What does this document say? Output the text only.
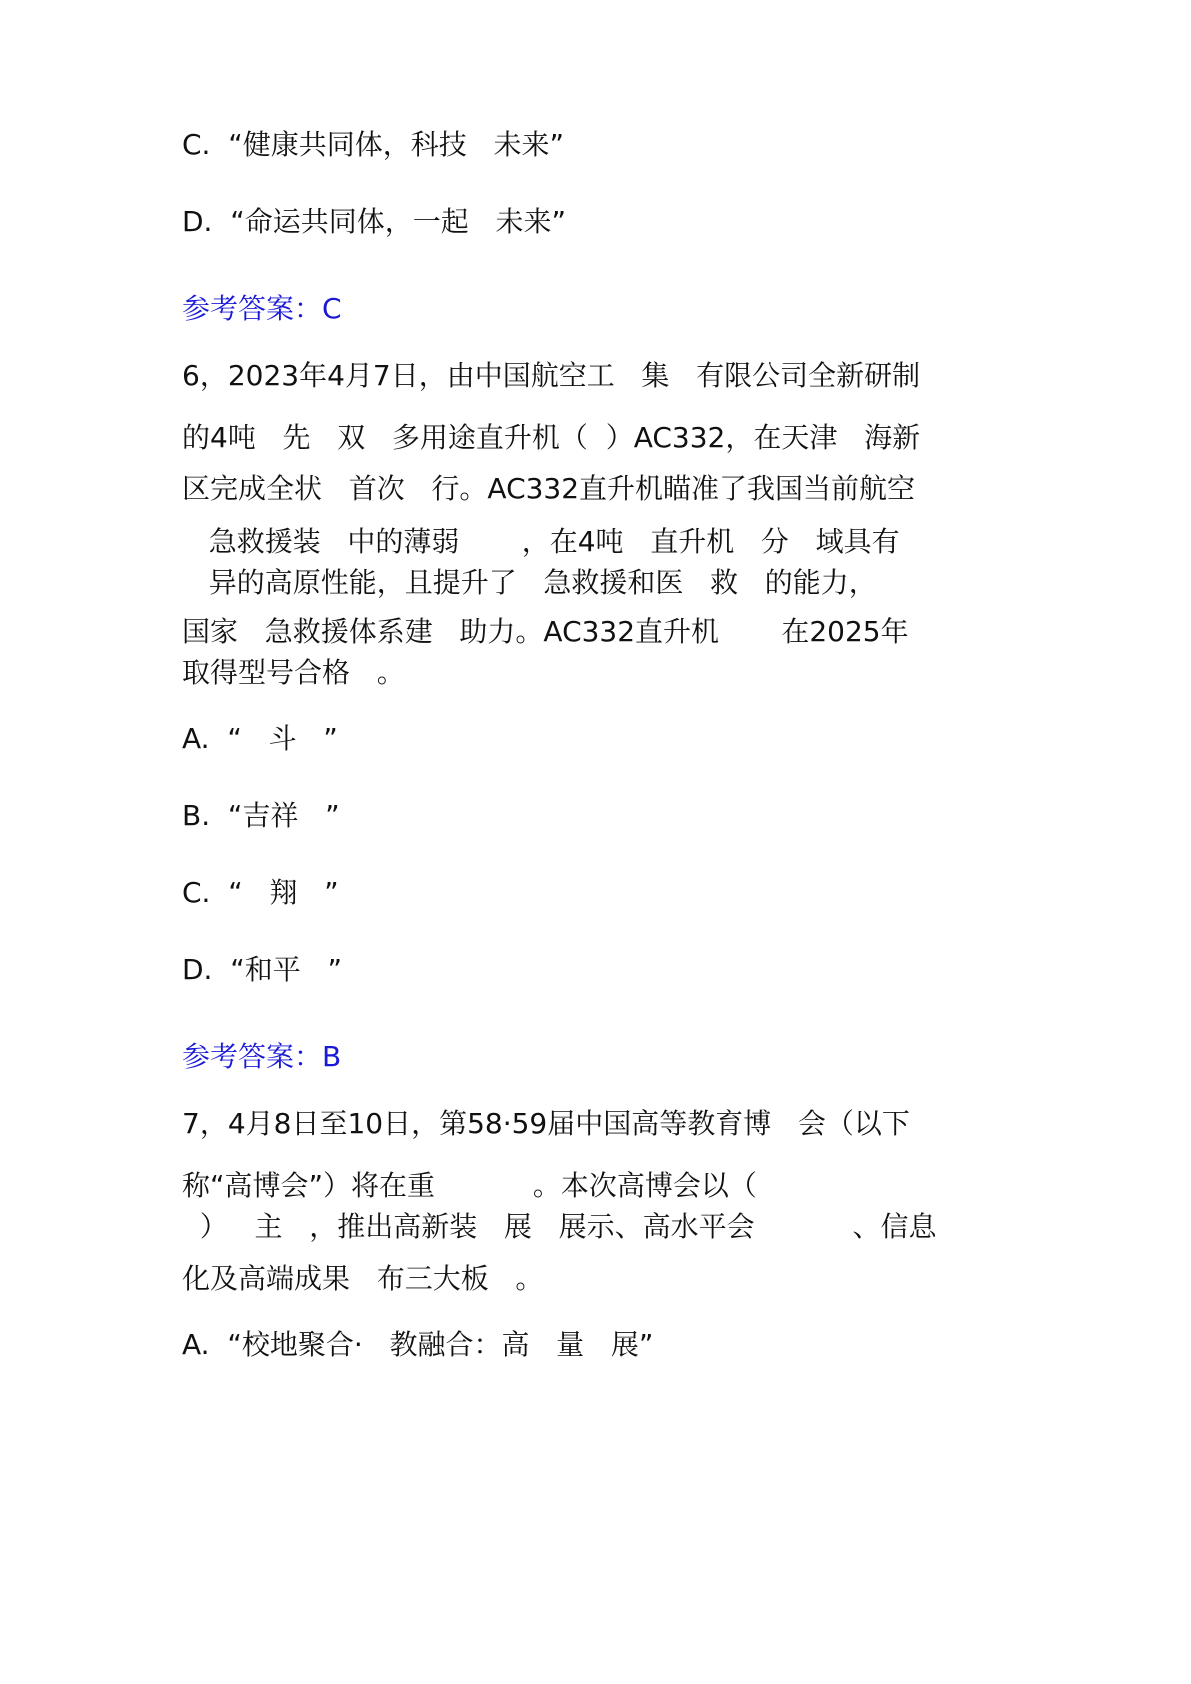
C.  “健康共同体，科技   未来”

D.  “命运共同体，一起   未来”

参考答案：C

6，2023年4月7日，由中国航空工   集   有限公司全新研制

的4吨   先   双   多用途直升机（  ）AC332，在天津   海新

区完成全状   首次   行。AC332直升机瞄准了我国当前航空

急救援装   中的薄弱       ，在4吨   直升机   分   域具有

异的高原性能，且提升了   急救援和医   救   的能力，

国家   急救援体系建   助力。AC332直升机       在2025年

取得型号合格   。

A.  “   斗   ”

B.  “吉祥   ”

C.  “   翔   ”

D.  “和平   ”

参考答案：B

7，4月8日至10日，第58·59届中国高等教育博   会（以下

称“高博会”）将在重           。本次高博会以（

）   主   ，推出高新装   展   展示、高水平会           、信息

化及高端成果   布三大板   。

A.  “校地聚合·   教融合：高   量   展”
